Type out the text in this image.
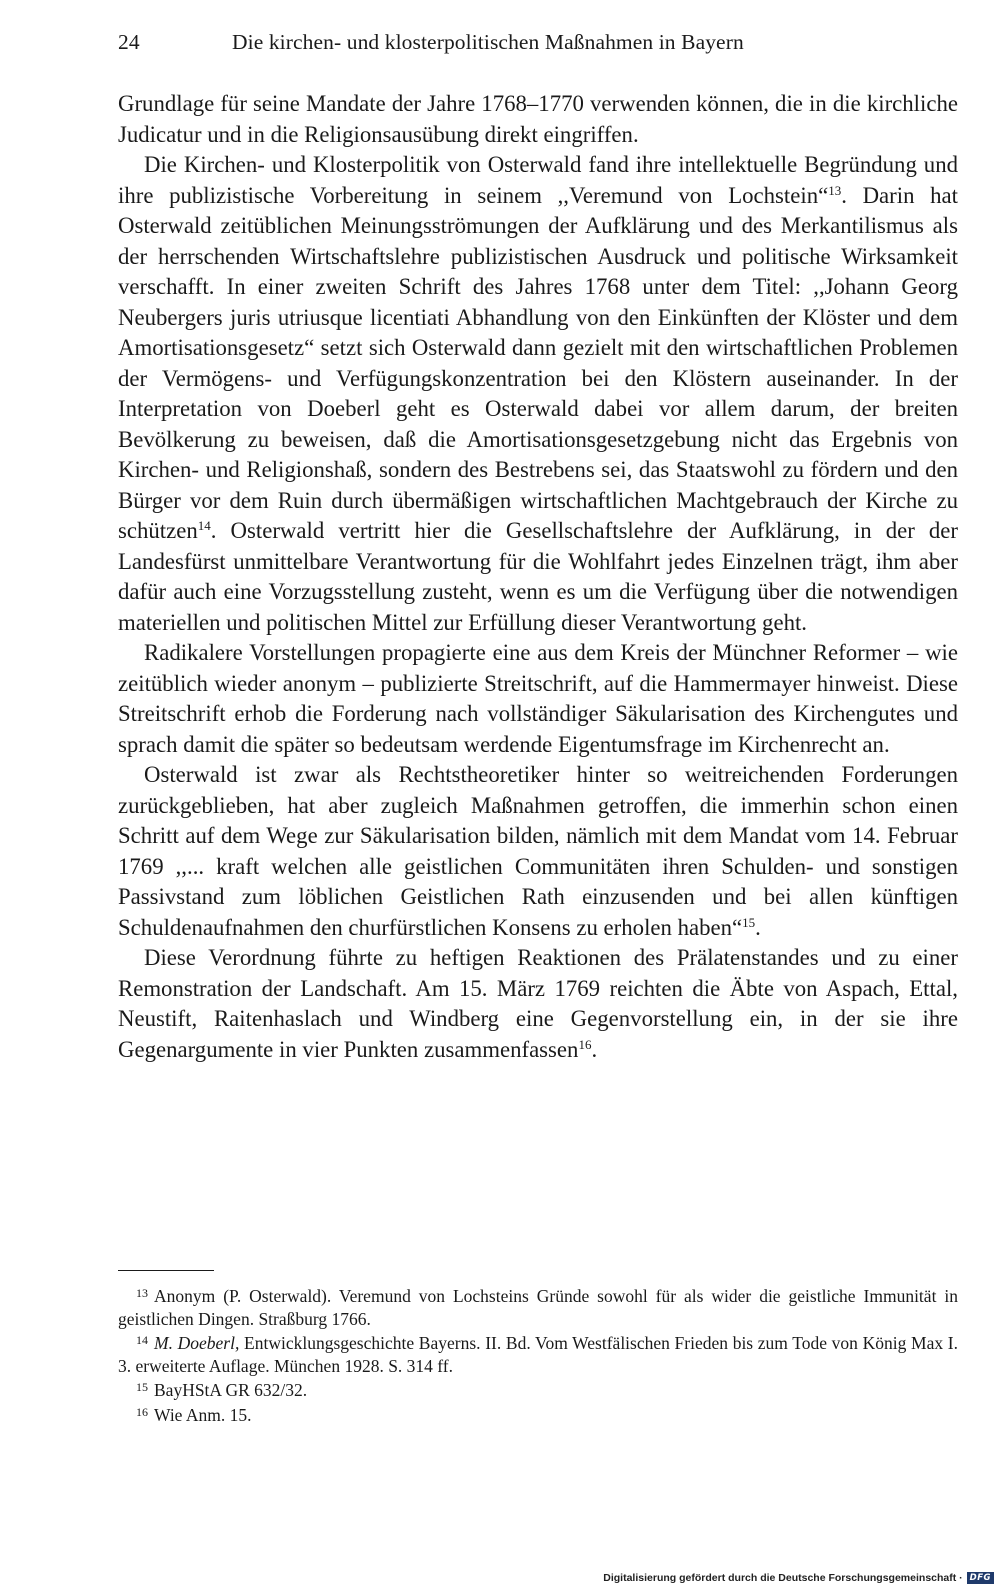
24	Die kirchen- und klosterpolitischen Maßnahmen in Bayern

Grundlage für seine Mandate der Jahre 1768–1770 verwenden können, die in die kirchliche Judicatur und in die Religionsausübung direkt eingriffen.

Die Kirchen- und Klosterpolitik von Osterwald fand ihre intellektuelle Begründung und ihre publizistische Vorbereitung in seinem ,,Veremund von Lochstein“$^{13}$. Darin hat Osterwald zeitüblichen Meinungsströmungen der Aufklärung und des Merkantilismus als der herrschenden Wirtschaftslehre publizistischen Ausdruck und politische Wirksamkeit verschafft. In einer zweiten Schrift des Jahres 1768 unter dem Titel: ,,Johann Georg Neubergers juris utriusque licentiati Abhandlung von den Einkünften der Klöster und dem Amortisationsgesetz“ setzt sich Osterwald dann gezielt mit den wirtschaftlichen Problemen der Vermögens- und Verfügungskonzentration bei den Klöstern auseinander. In der Interpretation von Doeberl geht es Osterwald dabei vor allem darum, der breiten Bevölkerung zu beweisen, daß die Amortisationsgesetzgebung nicht das Ergebnis von Kirchen- und Religionshaß, sondern des Bestrebens sei, das Staatswohl zu fördern und den Bürger vor dem Ruin durch übermäßigen wirtschaftlichen Machtgebrauch der Kirche zu schützen$^{14}$. Osterwald vertritt hier die Gesellschaftslehre der Aufklärung, in der der Landesfürst unmittelbare Verantwortung für die Wohlfahrt jedes Einzelnen trägt, ihm aber dafür auch eine Vorzugsstellung zusteht, wenn es um die Verfügung über die notwendigen materiellen und politischen Mittel zur Erfüllung dieser Verantwortung geht.

Radikalere Vorstellungen propagierte eine aus dem Kreis der Münchner Reformer – wie zeitüblich wieder anonym – publizierte Streitschrift, auf die Hammermayer hinweist. Diese Streitschrift erhob die Forderung nach vollständiger Säkularisation des Kirchengutes und sprach damit die später so bedeutsam werdende Eigentumsfrage im Kirchenrecht an.

Osterwald ist zwar als Rechtstheoretiker hinter so weitreichenden Forderungen zurückgeblieben, hat aber zugleich Maßnahmen getroffen, die immerhin schon einen Schritt auf dem Wege zur Säkularisation bilden, nämlich mit dem Mandat vom 14. Februar 1769 ,,... kraft welchen alle geistlichen Communitäten ihren Schulden- und sonstigen Passivstand zum löblichen Geistlichen Rath einzusenden und bei allen künftigen Schuldenaufnahmen den churfürstlichen Konsens zu erholen haben“$^{15}$.

Diese Verordnung führte zu heftigen Reaktionen des Prälatenstandes und zu einer Remonstration der Landschaft. Am 15. März 1769 reichten die Äbte von Aspach, Ettal, Neustift, Raitenhaslach und Windberg eine Gegenvorstellung ein, in der sie ihre Gegenargumente in vier Punkten zusammenfassen$^{16}$.

$^{13}$ Anonym (P. Osterwald). Veremund von Lochsteins Gründe sowohl für als wider die geistliche Immunität in geistlichen Dingen. Straßburg 1766.

$^{14}$ M. Doeberl, Entwicklungsgeschichte Bayerns. II. Bd. Vom Westfälischen Frieden bis zum Tode von König Max I. 3. erweiterte Auflage. München 1928. S. 314 ff.

$^{15}$ BayHStA GR 632/32.

$^{16}$ Wie Anm. 15.

Digitalisierung gefördert durch die Deutsche Forschungsgemeinschaft · DFG
